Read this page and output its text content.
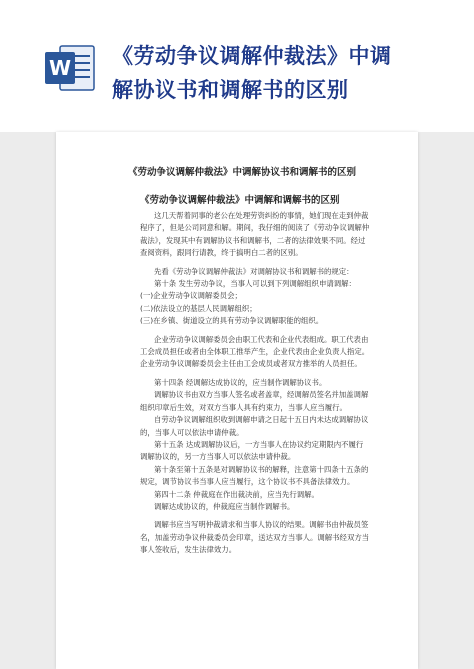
W 《劳动争议调解仲裁法》中调
解协议书和调解书的区别
《劳动争议调解仲裁法》中调解协议书和调解书的区别
《劳动争议调解仲裁法》中调解和调解书的区别

这几天帮着同事的老公在处理劳资纠纷的事情，她们现在走到仲裁程序了，但是公司同意和解。期间，我仔细的阅读了《劳动争议调解仲裁法》，发现其中有调解协议书和调解书，二者的法律效果不同。经过查阅资料，跟同行请教，终于搞明白二者的区别。

先看《劳动争议调解仲裁法》对调解协议书和调解书的规定：

第十条 发生劳动争议，当事人可以到下列调解组织申请调解：

(一)企业劳动争议调解委员会；

(二)依法设立的基层人民调解组织；

(三)在乡镇、街道设立的具有劳动争议调解职能的组织。

企业劳动争议调解委员会由职工代表和企业代表组成。职工代表由工会成员担任或者由全体职工推举产生，企业代表由企业负责人指定。企业劳动争议调解委员会主任由工会成员或者双方推举的人员担任。

第十四条 经调解达成协议的，应当制作调解协议书。

调解协议书由双方当事人签名或者盖章，经调解员签名并加盖调解组织印章后生效，对双方当事人具有约束力，当事人应当履行。

自劳动争议调解组织收到调解申请之日起十五日内未达成调解协议的，当事人可以依法申请仲裁。

第十五条 达成调解协议后，一方当事人在协议约定期限内不履行调解协议的，另一方当事人可以依法申请仲裁。

第十条至第十五条是对调解协议书的解释，注意第十四条十五条的规定，调节协议书当事人应当履行，这个协议书不具备法律效力。

第四十二条 仲裁庭在作出裁决前，应当先行调解。

调解达成协议的，仲裁庭应当制作调解书。

调解书应当写明仲裁请求和当事人协议的结果。调解书由仲裁员签名，加盖劳动争议仲裁委员会印章，送达双方当事人。调解书经双方当事人签收后，发生法律效力。
